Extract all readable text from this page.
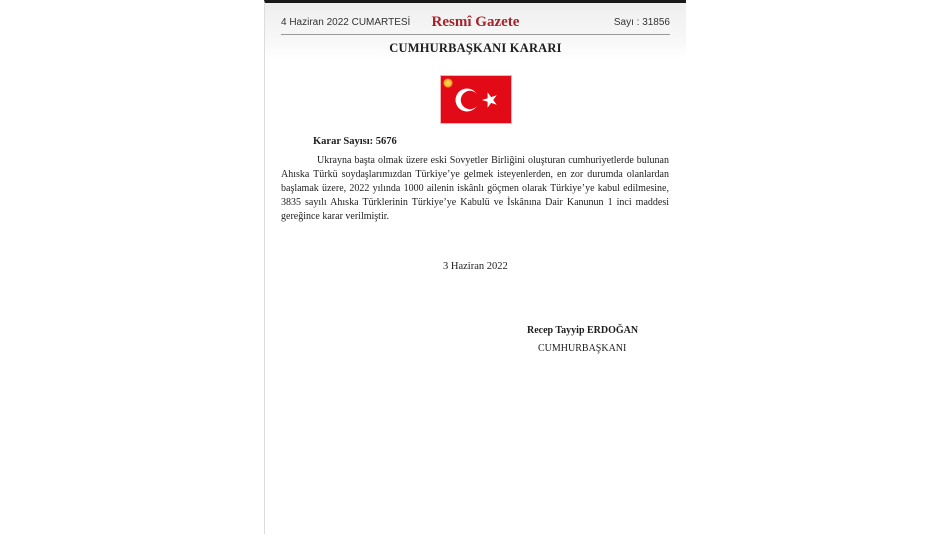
4 Haziran 2022 CUMARTESİ	Resmî Gazete	Sayı : 31856
CUMHURBAŞKANI KARARI
Karar Sayısı: 5676

Ukrayna başta olmak üzere eski Sovyetler Birliğini oluşturan cumhuriyetlerde bulunan Ahıska Türkü soydaşlarımızdan Türkiye’ye gelmek isteyenlerden, en zor durumda olanlardan başlamak üzere, 2022 yılında 1000 ailenin iskânlı göçmen olarak Türkiye’ye kabul edilmesine, 3835 sayılı Ahıska Türklerinin Türkiye’ye Kabulü ve İskânına Dair Kanunun 1 inci maddesi gereğince karar verilmiştir.

3 Haziran 2022
Recep Tayyip ERDOĞAN
CUMHURBAŞKANI
